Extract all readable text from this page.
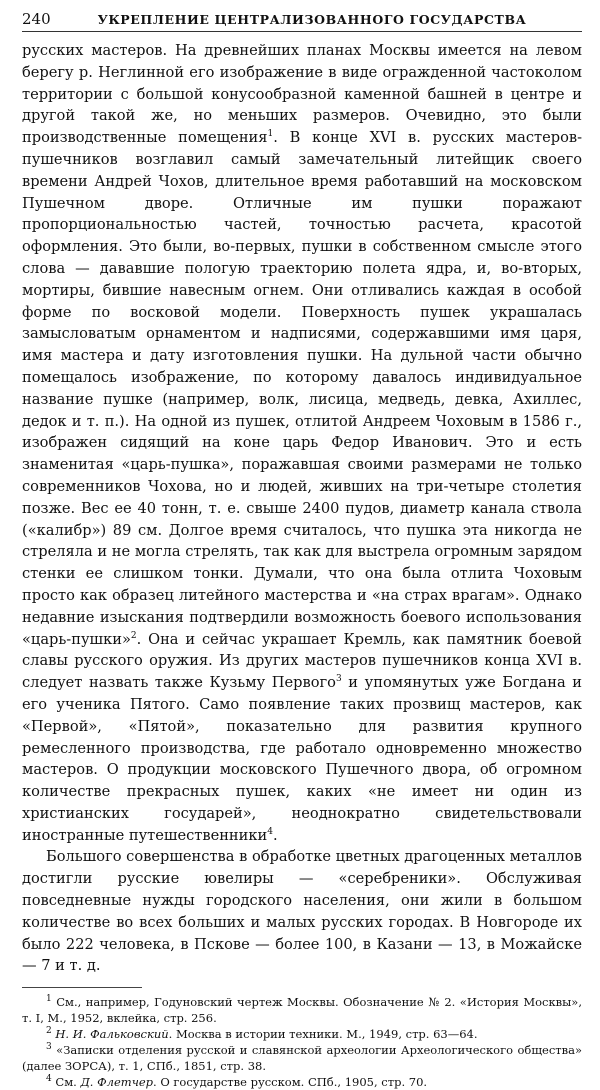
240	УКРЕПЛЕНИЕ ЦЕНТРАЛИЗОВАННОГО ГОСУДАРСТВА

русских мастеров. На древнейших планах Москвы имеется на левом берегу р. Неглинной его изображение в виде огражденной частоколом территории с большой конусообразной каменной башней в центре и другой такой же, но меньших размеров. Очевидно, это были производственные помещения$^1$. В конце XVI в. русских мастеров-пушечников возглавил самый замечательный литейщик своего времени Андрей Чохов, длительное время работавший на московском Пушечном дворе. Отличные им пушки поражают пропорциональностью частей, точностью расчета, красотой оформления. Это были, во-первых, пушки в собственном смысле этого слова — дававшие пологую траекторию полета ядра, и, во-вторых, мортиры, бившие навесным огнем. Они отливались каждая в особой форме по восковой модели. Поверхность пушек украшалась замысловатым орнаментом и надписями, содержавшими имя царя, имя мастера и дату изготовления пушки. На дульной части обычно помещалось изображение, по которому давалось индивидуальное название пушке (например, волк, лисица, медведь, девка, Ахиллес, дедок и т. п.). На одной из пушек, отлитой Андреем Чоховым в 1586 г., изображен сидящий на коне царь Федор Иванович. Это и есть знаменитая «царь-пушка», поражавшая своими размерами не только современников Чохова, но и людей, живших на три-четыре столетия позже. Вес ее 40 тонн, т. е. свыше 2400 пудов, диаметр канала ствола («калибр») 89 см. Долгое время считалось, что пушка эта никогда не стреляла и не могла стрелять, так как для выстрела огромным зарядом стенки ее слишком тонки. Думали, что она была отлита Чоховым просто как образец литейного мастерства и «на страх врагам». Однако недавние изыскания подтвердили возможность боевого использования «царь-пушки»$^2$. Она и сейчас украшает Кремль, как памятник боевой славы русского оружия. Из других мастеров пушечников конца XVI в. следует назвать также Кузьму Первого$^3$ и упомянутых уже Богдана и его ученика Пятого. Само появление таких прозвищ мастеров, как «Первой», «Пятой», показательно для развития крупного ремесленного производства, где работало одновременно множество мастеров. О продукции московского Пушечного двора, об огромном количестве прекрасных пушек, каких «не имеет ни один из христианских государей», неоднократно свидетельствовали иностранные путешественники$^4$.

Большого совершенства в обработке цветных драгоценных металлов достигли русские ювелиры — «серебреники». Обслуживая повседневные нужды городского населения, они жили в большом количестве во всех больших и малых русских городах. В Новгороде их было 222 человека, в Пскове — более 100, в Казани — 13, в Можайске — 7 и т. д.

$^1$ См., например, Годуновский чертеж Москвы. Обозначение № 2. «История Москвы», т. I, М., 1952, вклейка, стр. 256.

$^2$ Н. И. Фальковский. Москва в истории техники. М., 1949, стр. 63—64.

$^3$ «Записки отделения русской и славянской археологии Археологического общества» (далее ЗОРСА), т. 1, СПб., 1851, стр. 38.

$^4$ См. Д. Флетчер. О государстве русском. СПб., 1905, стр. 70.
